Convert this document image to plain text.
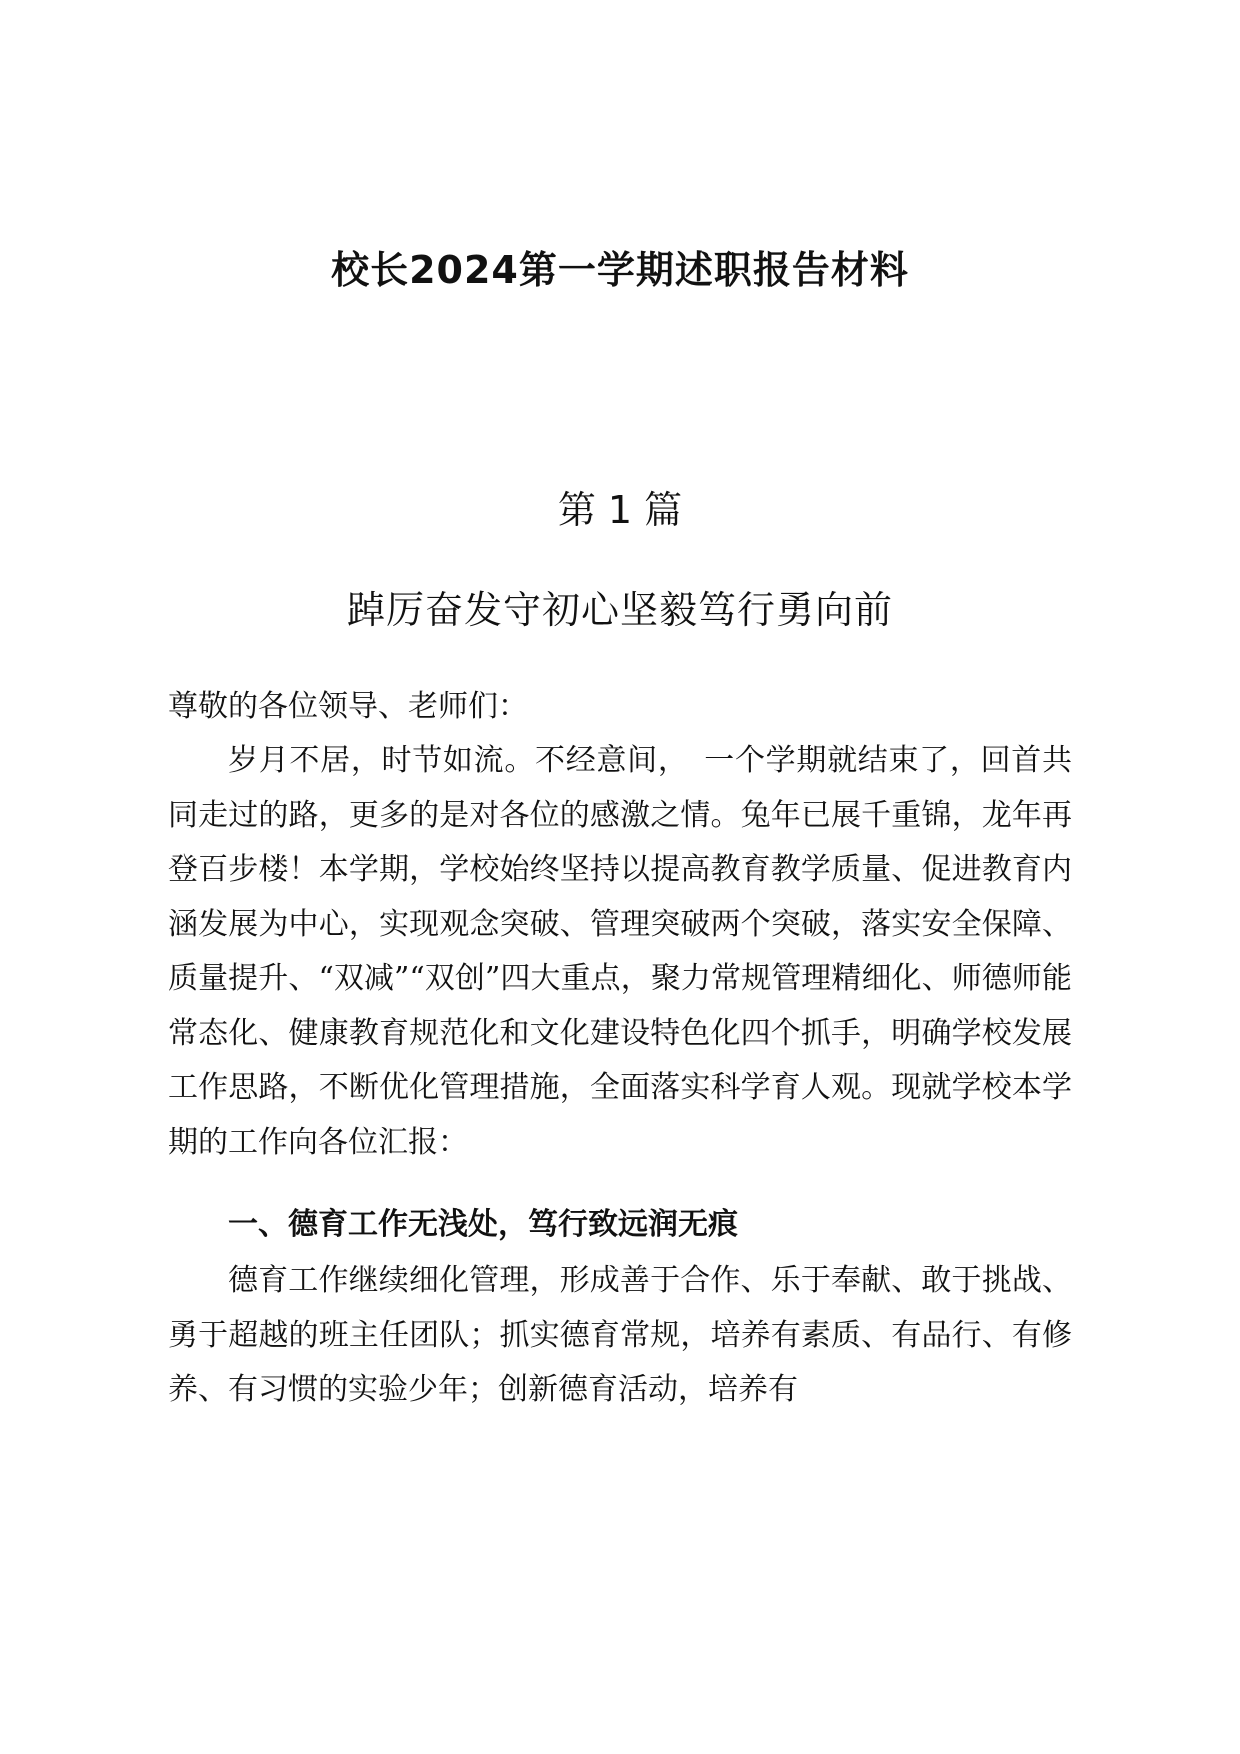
校长2024第一学期述职报告材料
第 1 篇
踔厉奋发守初心坚毅笃行勇向前
尊敬的各位领导、老师们：
岁月不居，时节如流。不经意间，　一个学期就结束了，回首共同走过的路，更多的是对各位的感激之情。兔年已展千重锦，龙年再登百步楼！本学期，学校始终坚持以提高教育教学质量、促进教育内涵发展为中心，实现观念突破、管理突破两个突破，落实安全保障、质量提升、“双减”“双创”四大重点，聚力常规管理精细化、师德师能常态化、健康教育规范化和文化建设特色化四个抓手，明确学校发展工作思路，不断优化管理措施，全面落实科学育人观。现就学校本学期的工作向各位汇报：
一、德育工作无浅处，笃行致远润无痕
德育工作继续细化管理，形成善于合作、乐于奉献、敢于挑战、勇于超越的班主任团队；抓实德育常规，培养有素质、有品行、有修养、有习惯的实验少年；创新德育活动，培养有
